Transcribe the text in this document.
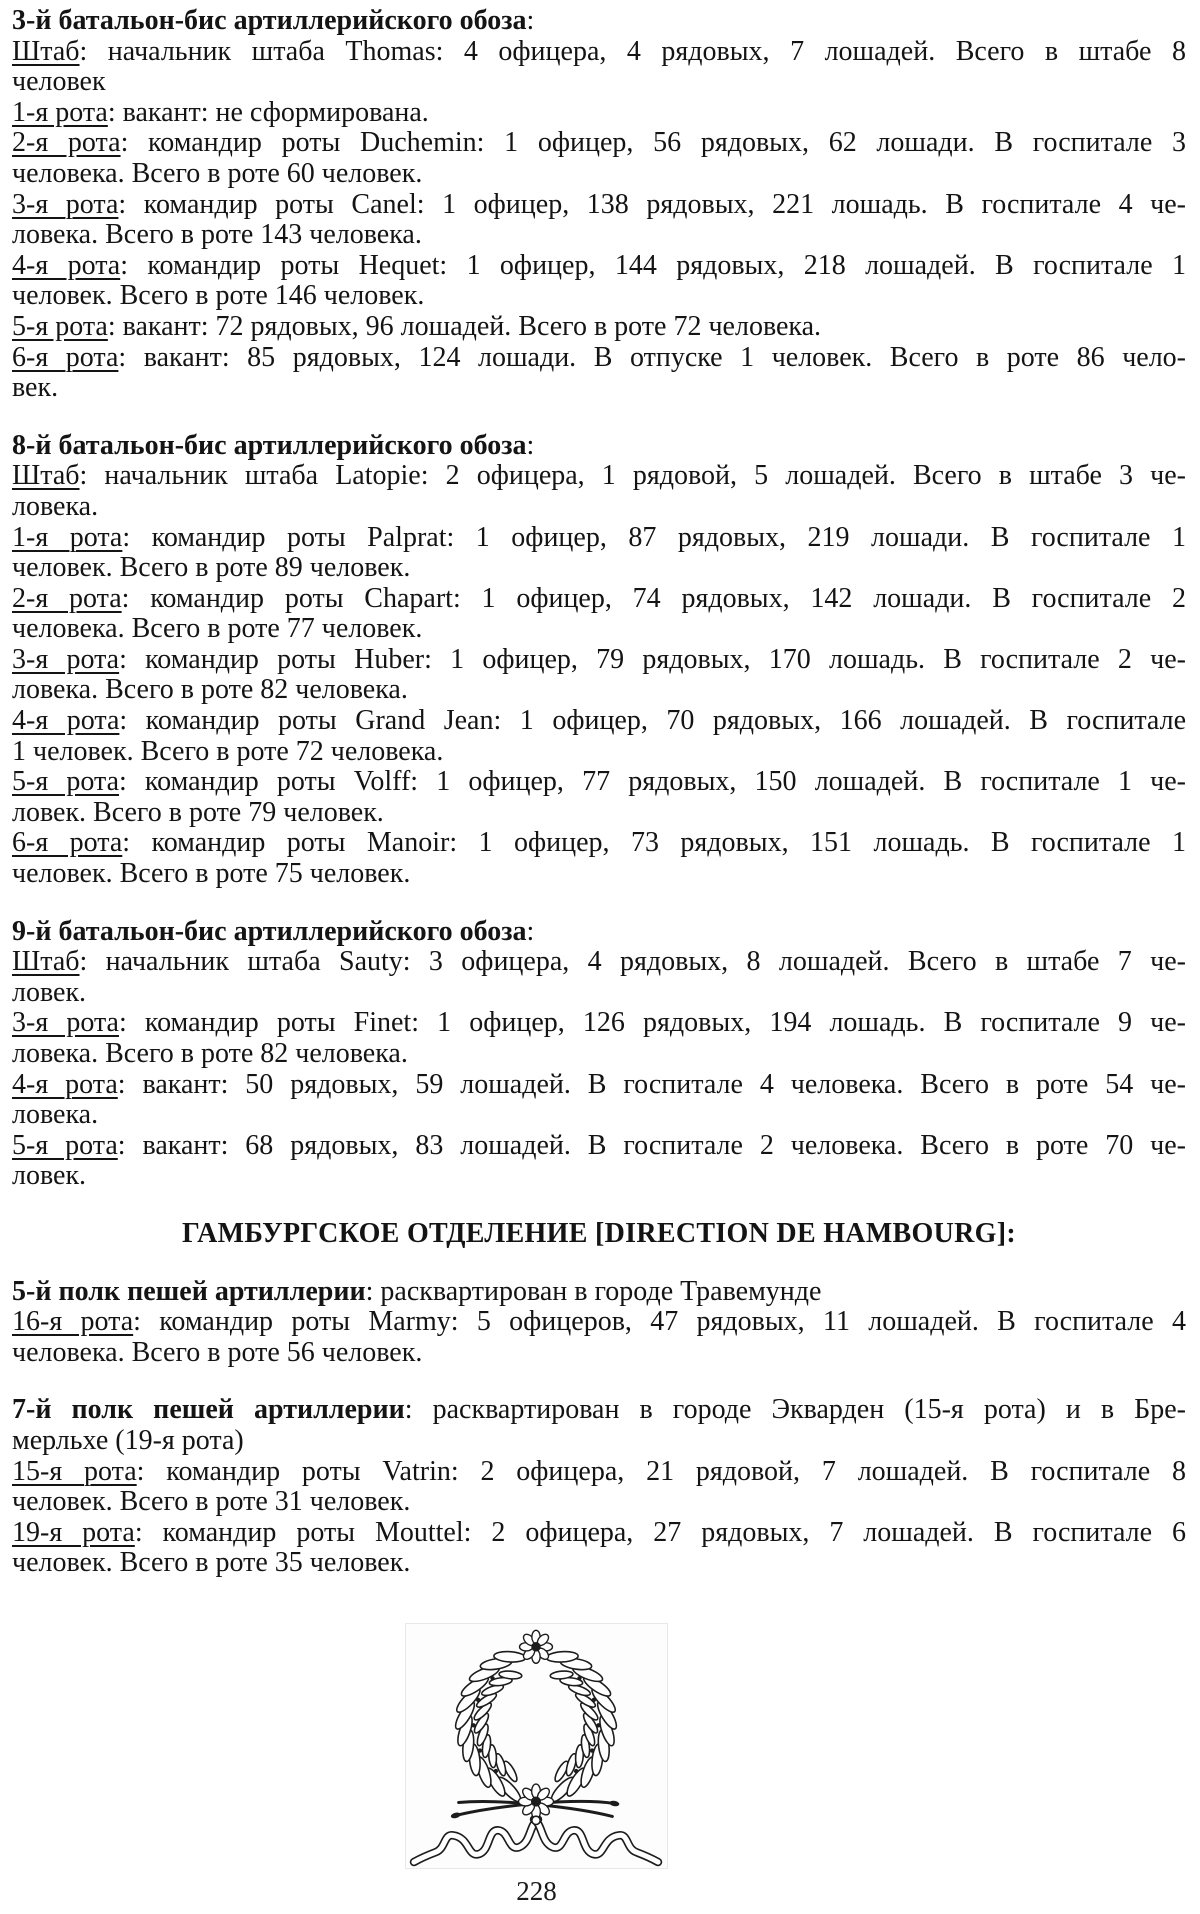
3-й батальон-бис артиллерийского обоза:
Штаб: начальник штаба Thomas: 4 офицера, 4 рядовых, 7 лошадей. Всего в штабе 8
человек
1-я рота: вакант: не сформирована.
2-я рота: командир роты Duchemin: 1 офицер, 56 рядовых, 62 лошади. В госпитале 3
человека. Всего в роте 60 человек.
3-я рота: командир роты Canel: 1 офицер, 138 рядовых, 221 лошадь. В госпитале 4 че-
ловека. Всего в роте 143 человека.
4-я рота: командир роты Hequet: 1 офицер, 144 рядовых, 218 лошадей. В госпитале 1
человек. Всего в роте 146 человек.
5-я рота: вакант: 72 рядовых, 96 лошадей. Всего в роте 72 человека.
6-я рота: вакант: 85 рядовых, 124 лошади. В отпуске 1 человек. Всего в роте 86 чело-
век.
8-й батальон-бис артиллерийского обоза:
Штаб: начальник штаба Latopie: 2 офицера, 1 рядовой, 5 лошадей. Всего в штабе 3 че-
ловека.
1-я рота: командир роты Palprat: 1 офицер, 87 рядовых, 219 лошади. В госпитале 1
человек. Всего в роте 89 человек.
2-я рота: командир роты Chapart: 1 офицер, 74 рядовых, 142 лошади. В госпитале 2
человека. Всего в роте 77 человек.
3-я рота: командир роты Huber: 1 офицер, 79 рядовых, 170 лошадь. В госпитале 2 че-
ловека. Всего в роте 82 человека.
4-я рота: командир роты Grand Jean: 1 офицер, 70 рядовых, 166 лошадей. В госпитале
1 человек. Всего в роте 72 человека.
5-я рота: командир роты Volff: 1 офицер, 77 рядовых, 150 лошадей. В госпитале 1 че-
ловек. Всего в роте 79 человек.
6-я рота: командир роты Manoir: 1 офицер, 73 рядовых, 151 лошадь. В госпитале 1
человек. Всего в роте 75 человек.
9-й батальон-бис артиллерийского обоза:
Штаб: начальник штаба Sauty: 3 офицера, 4 рядовых, 8 лошадей. Всего в штабе 7 че-
ловек.
3-я рота: командир роты Finet: 1 офицер, 126 рядовых, 194 лошадь. В госпитале 9 че-
ловека. Всего в роте 82 человека.
4-я рота: вакант: 50 рядовых, 59 лошадей. В госпитале 4 человека. Всего в роте 54 че-
ловека.
5-я рота: вакант: 68 рядовых, 83 лошадей. В госпитале 2 человека. Всего в роте 70 че-
ловек.
ГАМБУРГСКОЕ ОТДЕЛЕНИЕ [DIRECTION DE HAMBOURG]:
5-й полк пешей артиллерии: расквартирован в городе Травемунде
16-я рота: командир роты Marmy: 5 офицеров, 47 рядовых, 11 лошадей. В госпитале 4
человека. Всего в роте 56 человек.
7-й полк пешей артиллерии: расквартирован в городе Экварден (15-я рота) и в Бре-
мерльхе (19-я рота)
15-я рота: командир роты Vatrin: 2 офицера, 21 рядовой, 7 лошадей. В госпитале 8
человек. Всего в роте 31 человек.
19-я рота: командир роты Mouttel: 2 офицера, 27 рядовых, 7 лошадей. В госпитале 6
человек. Всего в роте 35 человек.
228
